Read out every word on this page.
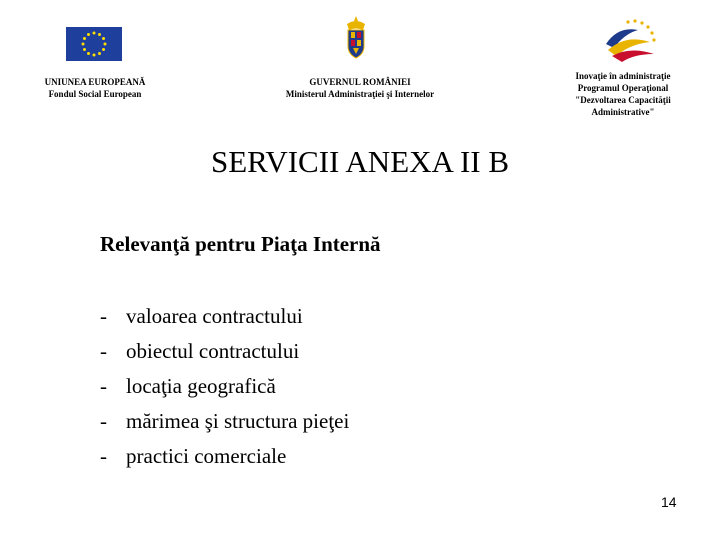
UNIUNEA EUROPEANĂ
Fondul Social European
GUVERNUL ROMÂNIEI
Ministerul Administraţiei şi Internelor
Inovaţie în administraţie
Programul Operaţional
"Dezvoltarea Capacităţii
Administrative"
SERVICII ANEXA II B
Relevanţă pentru Piaţa Internă
- valoarea contractului
- obiectul contractului
- locaţia geografică
- mărimea şi structura pieţei
- practici comerciale
14
